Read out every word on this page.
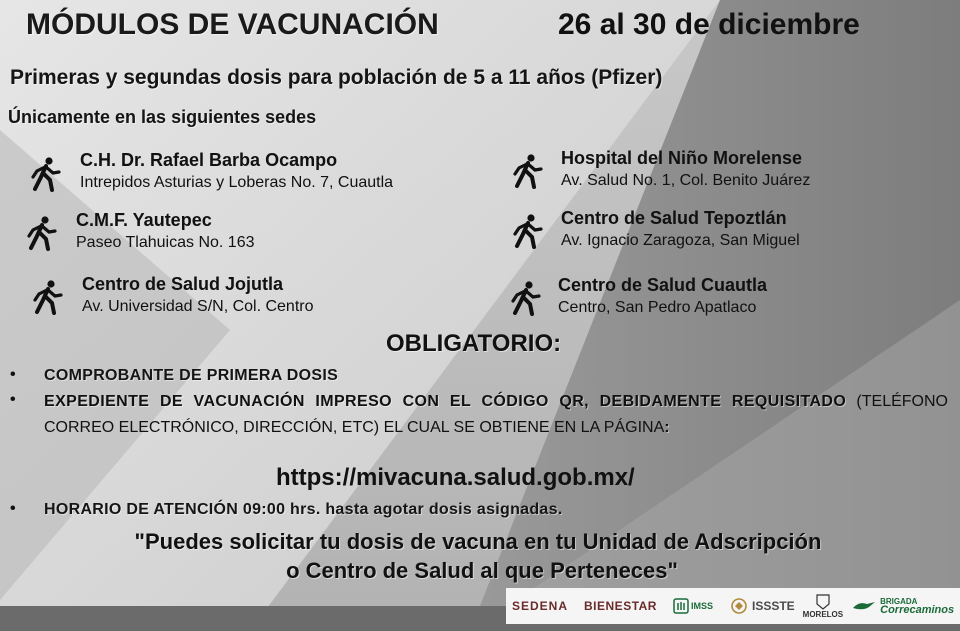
MÓDULOS DE VACUNACIÓN	26 al 30 de diciembre
Primeras y segundas dosis para población de 5 a 11 años (Pfizer)
Únicamente en las siguientes sedes
C.H. Dr. Rafael Barba Ocampo
Intrepidos Asturias y Loberas No. 7, Cuautla
C.M.F. Yautepec
Paseo Tlahuicas No. 163
Centro de Salud Jojutla
Av. Universidad S/N, Col. Centro
Hospital del Niño Morelense
Av. Salud No. 1, Col. Benito Juárez
Centro de Salud Tepoztlán
Av. Ignacio Zaragoza, San Miguel
Centro de Salud Cuautla
Centro, San Pedro Apatlaco
OBLIGATORIO:
• COMPROBANTE DE PRIMERA DOSIS
• EXPEDIENTE DE VACUNACIÓN IMPRESO CON EL CÓDIGO QR, DEBIDAMENTE REQUISITADO (TELÉFONO CORREO ELECTRÓNICO, DIRECCIÓN, ETC) EL CUAL SE OBTIENE EN LA PÁGINA:
https://mivacuna.salud.gob.mx/
• HORARIO DE ATENCIÓN 09:00 hrs. hasta agotar dosis asignadas.
"Puedes solicitar tu dosis de vacuna en tu Unidad de Adscripción
o Centro de Salud al que Perteneces"
SEDENA BIENESTAR	IMSS	ISSSTE
MORELOS
BRIGADA
Correcaminos
